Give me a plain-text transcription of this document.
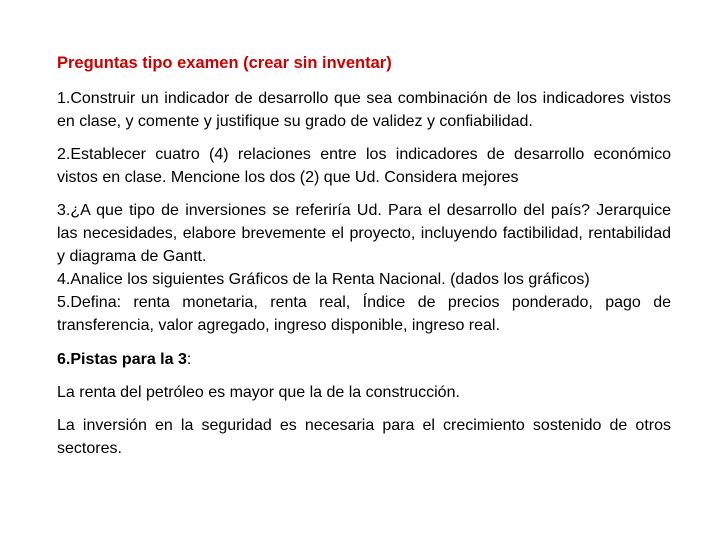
Preguntas tipo examen (crear sin inventar)

1.Construir un indicador de desarrollo que sea combinación de los indicadores vistos en clase, y comente y justifique su grado de validez y confiabilidad.

2.Establecer cuatro (4) relaciones entre los indicadores de desarrollo económico vistos en clase. Mencione los dos (2) que Ud. Considera mejores

3.¿A que tipo de inversiones se referiría Ud. Para el desarrollo del país? Jerarquice las necesidades, elabore brevemente el proyecto, incluyendo factibilidad, rentabilidad y diagrama de Gantt.

4.Analice los siguientes Gráficos de la Renta Nacional. (dados los gráficos)

5.Defina: renta monetaria, renta real, Índice de precios ponderado, pago de transferencia, valor agregado, ingreso disponible, ingreso real.

6.Pistas para la 3:

La renta del petróleo es mayor que la de la construcción.

La inversión en la seguridad es necesaria para el crecimiento sostenido de otros sectores.
